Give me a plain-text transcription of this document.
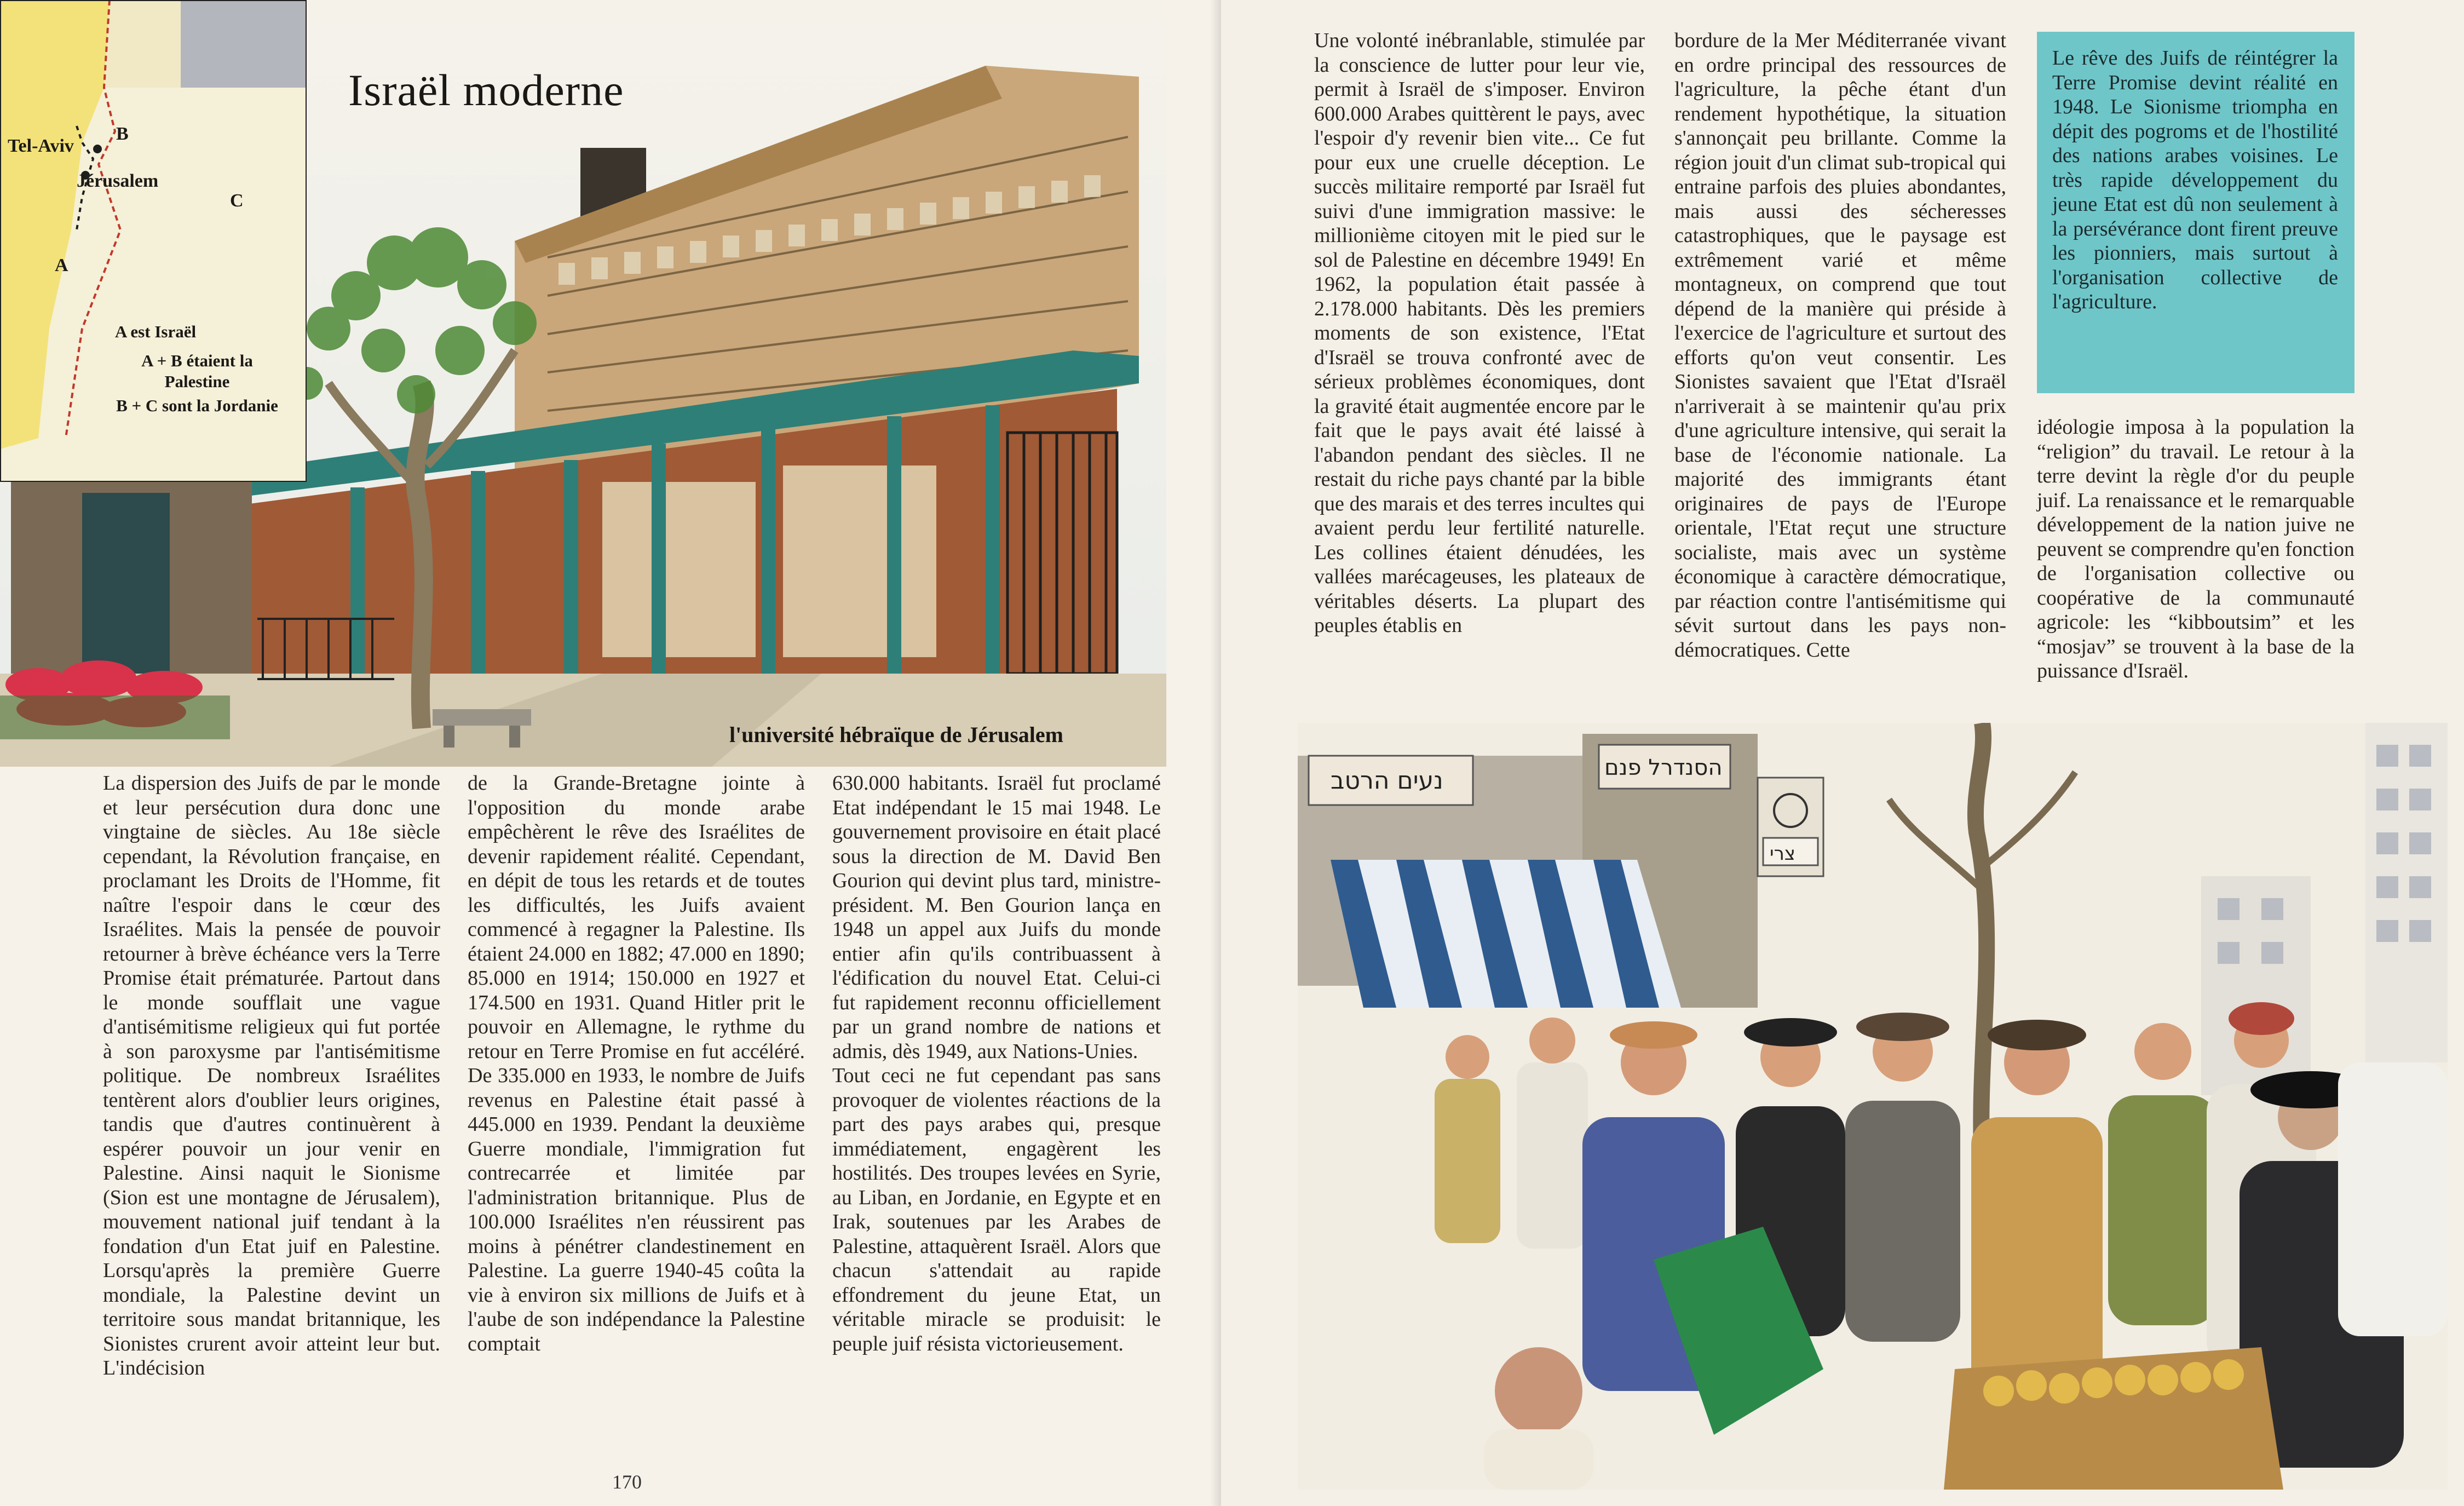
Tel-Aviv
Jérusalem
A
B
C
A est Israël
A + B étaient la Palestine
B + C sont la Jordanie
Israël moderne
l'université hébraïque de Jérusalem

La dispersion des Juifs de par le monde et leur persécution dura donc une vingtaine de siècles. Au 18e siècle cependant, la Révolution française, en proclamant les Droits de l'Homme, fit naître l'espoir dans le cœur des Israélites. Mais la pensée de pouvoir retourner à brève échéance vers la Terre Promise était prématurée. Partout dans le monde soufflait une vague d'antisémitisme religieux qui fut portée à son paroxysme par l'antisémitisme politique. De nombreux Israélites tentèrent alors d'oublier leurs origines, tandis que d'autres continuèrent à espérer pouvoir un jour venir en Palestine. Ainsi naquit le Sionisme (Sion est une montagne de Jérusalem), mouvement national juif tendant à la fondation d'un Etat juif en Palestine. Lorsqu'après la première Guerre mondiale, la Palestine devint un territoire sous mandat britannique, les Sionistes crurent avoir atteint leur but. L'indécision

de la Grande-Bretagne jointe à l'opposition du monde arabe empêchèrent le rêve des Israélites de devenir rapidement réalité. Cependant, en dépit de tous les retards et de toutes les difficultés, les Juifs avaient commencé à regagner la Palestine. Ils étaient 24.000 en 1882; 47.000 en 1890; 85.000 en 1914; 150.000 en 1927 et 174.500 en 1931. Quand Hitler prit le pouvoir en Allemagne, le rythme du retour en Terre Promise en fut accéléré. De 335.000 en 1933, le nombre de Juifs revenus en Palestine était passé à 445.000 en 1939. Pendant la deuxième Guerre mondiale, l'immigration fut contrecarrée et limitée par l'administration britannique. Plus de 100.000 Israélites n'en réussirent pas moins à pénétrer clandestinement en Palestine. La guerre 1940-45 coûta la vie à environ six millions de Juifs et à l'aube de son indépendance la Palestine comptait

630.000 habitants. Israël fut proclamé Etat indépendant le 15 mai 1948. Le gouvernement provisoire en était placé sous la direction de M. David Ben Gourion qui devint plus tard, ministre-président. M. Ben Gourion lança en 1948 un appel aux Juifs du monde entier afin qu'ils contribuassent à l'édification du nouvel Etat. Celui-ci fut rapidement reconnu officiellement par un grand nombre de nations et admis, dès 1949, aux Nations-Unies.

Tout ceci ne fut cependant pas sans provoquer de violentes réactions de la part des pays arabes qui, presque immédiatement, engagèrent les hostilités. Des troupes levées en Syrie, au Liban, en Jordanie, en Egypte et en Irak, soutenues par les Arabes de Palestine, attaquèrent Israël. Alors que chacun s'attendait au rapide effondrement du jeune Etat, un véritable miracle se produisit: le peuple juif résista victorieusement.

170

Une volonté inébranlable, stimulée par la conscience de lutter pour leur vie, permit à Israël de s'imposer. Environ 600.000 Arabes quittèrent le pays, avec l'espoir d'y revenir bien vite... Ce fut pour eux une cruelle déception. Le succès militaire remporté par Israël fut suivi d'une immigration massive: le millionième citoyen mit le pied sur le sol de Palestine en décembre 1949! En 1962, la population était passée à 2.178.000 habitants. Dès les premiers moments de son existence, l'Etat d'Israël se trouva confronté avec de sérieux problèmes économiques, dont la gravité était augmentée encore par le fait que le pays avait été laissé à l'abandon pendant des siècles. Il ne restait du riche pays chanté par la bible que des marais et des terres incultes qui avaient perdu leur fertilité naturelle. Les collines étaient dénudées, les vallées marécageuses, les plateaux de véritables déserts. La plupart des peuples établis en

bordure de la Mer Méditerranée vivant en ordre principal des ressources de l'agriculture, la pêche étant d'un rendement hypothétique, la situation s'annonçait peu brillante. Comme la région jouit d'un climat sub-tropical qui entraine parfois des pluies abondantes, mais aussi des sécheresses catastrophiques, que le paysage est extrêmement varié et même montagneux, on comprend que tout dépend de la manière qui préside à l'exercice de l'agriculture et surtout des efforts qu'on veut consentir. Les Sionistes savaient que l'Etat d'Israël n'arriverait à se maintenir qu'au prix d'une agriculture intensive, qui serait la base de l'économie nationale. La majorité des immigrants étant originaires de pays de l'Europe orientale, l'Etat reçut une structure socialiste, mais avec un système économique à caractère démocratique, par réaction contre l'antisémitisme qui sévit surtout dans les pays non-démocratiques. Cette

Le rêve des Juifs de réintégrer la Terre Promise devint réalité en 1948. Le Sionisme triompha en dépit des pogroms et de l'hostilité des nations arabes voisines. Le très rapide développement du jeune Etat est dû non seulement à la persévérance dont firent preuve les pionniers, mais surtout à l'organisation collective de l'agriculture.

idéologie imposa à la population la “religion” du travail. Le retour à la terre devint la règle d'or du peuple juif. La renaissance et le remarquable développement de la nation juive ne peuvent se comprendre qu'en fonction de l'organisation collective ou coopérative de la communauté agricole: les “kibboutsim” et les “mosjav” se trouvent à la base de la puissance d'Israël.

נעים הרטב	הסנדרל פנם
צרי
